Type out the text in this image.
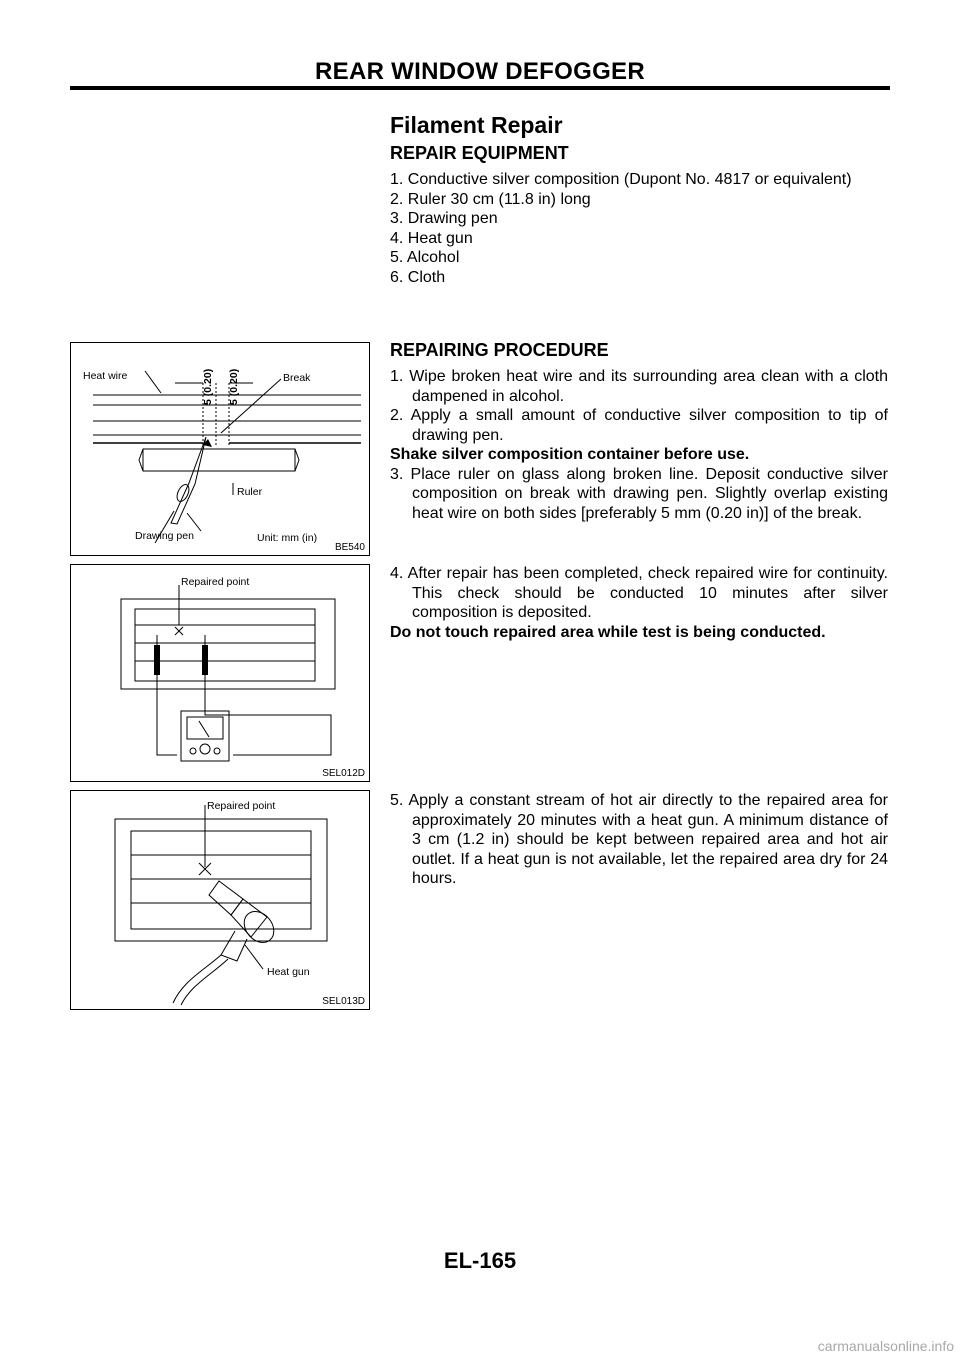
REAR WINDOW DEFOGGER
Filament Repair
REPAIR EQUIPMENT
1. Conductive silver composition (Dupont No. 4817 or equivalent)
2. Ruler 30 cm (11.8 in) long
3. Drawing pen
4. Heat gun
5. Alcohol
6. Cloth
REPAIRING PROCEDURE
1. Wipe broken heat wire and its surrounding area clean with a cloth dampened in alcohol.
2. Apply a small amount of conductive silver composition to tip of drawing pen.

Shake silver composition container before use.

3. Place ruler on glass along broken line. Deposit conductive silver composition on break with drawing pen. Slightly overlap existing heat wire on both sides [preferably 5 mm (0.20 in)] of the break.
4. After repair has been completed, check repaired wire for continuity. This check should be conducted 10 minutes after silver composition is deposited.

Do not touch repaired area while test is being conducted.

5. Apply a constant stream of hot air directly to the repaired area for approximately 20 minutes with a heat gun. A minimum distance of 3 cm (1.2 in) should be kept between repaired area and hot air outlet. If a heat gun is not available, let the repaired area dry for 24 hours.
Heat wire	Break
5 (0.20) 5 (0.20)
Ruler
Drawing pen	Unit: mm (in)
BE540
Repaired point
SEL012D
Repaired point
Heat gun
SEL013D
EL-165
carmanualsonline.info
